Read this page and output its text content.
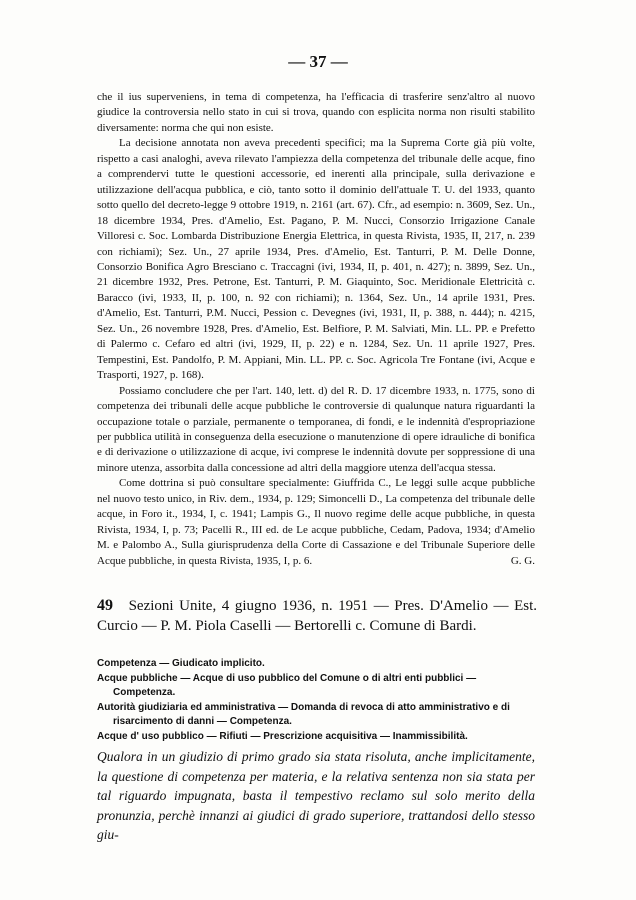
— 37 —

che il ius superveniens, in tema di competenza, ha l'efficacia di trasferire senz'altro al nuovo giudice la controversia nello stato in cui si trova, quando con esplicita norma non risulti stabilito diversamente: norma che qui non esiste.

La decisione annotata non aveva precedenti specifici; ma la Suprema Corte già più volte, rispetto a casi analoghi, aveva rilevato l'ampiezza della competenza del tribunale delle acque, fino a comprendervi tutte le questioni accessorie, ed inerenti alla principale, sulla derivazione e utilizzazione dell'acqua pubblica, e ciò, tanto sotto il dominio dell'attuale T. U. del 1933, quanto sotto quello del decreto-legge 9 ottobre 1919, n. 2161 (art. 67). Cfr., ad esempio: n. 3609, Sez. Un., 18 dicembre 1934, Pres. d'Amelio, Est. Pagano, P. M. Nucci, Consorzio Irrigazione Canale Villoresi c. Soc. Lombarda Distribuzione Energia Elettrica, in questa Rivista, 1935, II, 217, n. 239 con richiami); Sez. Un., 27 aprile 1934, Pres. d'Amelio, Est. Tanturri, P. M. Delle Donne, Consorzio Bonifica Agro Bresciano c. Traccagni (ivi, 1934, II, p. 401, n. 427); n. 3899, Sez. Un., 21 dicembre 1932, Pres. Petrone, Est. Tanturri, P. M. Giaquinto, Soc. Meridionale Elettricità c. Baracco (ivi, 1933, II, p. 100, n. 92 con richiami); n. 1364, Sez. Un., 14 aprile 1931, Pres. d'Amelio, Est. Tanturri, P.M. Nucci, Pession c. Devegnes (ivi, 1931, II, p. 388, n. 444); n. 4215, Sez. Un., 26 novembre 1928, Pres. d'Amelio, Est. Belfiore, P. M. Salviati, Min. LL. PP. e Prefetto di Palermo c. Cefaro ed altri (ivi, 1929, II, p. 22) e n. 1284, Sez. Un. 11 aprile 1927, Pres. Tempestini, Est. Pandolfo, P. M. Appiani, Min. LL. PP. c. Soc. Agricola Tre Fontane (ivi, Acque e Trasporti, 1927, p. 168).

Possiamo concludere che per l'art. 140, lett. d) del R. D. 17 dicembre 1933, n. 1775, sono di competenza dei tribunali delle acque pubbliche le controversie di qualunque natura riguardanti la occupazione totale o parziale, permanente o temporanea, di fondi, e le indennità d'espropriazione per pubblica utilità in conseguenza della esecuzione o manutenzione di opere idrauliche di bonifica e di derivazione o utilizzazione di acque, ivi comprese le indennità dovute per soppressione di una minore utenza, assorbita dalla concessione ad altri della maggiore utenza dell'acqua stessa.

Come dottrina si può consultare specialmente: Giuffrida C., Le leggi sulle acque pubbliche nel nuovo testo unico, in Riv. dem., 1934, p. 129; Simoncelli D., La competenza del tribunale delle acque, in Foro it., 1934, I, c. 1941; Lampis G., Il nuovo regime delle acque pubbliche, in questa Rivista, 1934, I, p. 73; Pacelli R., III ed. de Le acque pubbliche, Cedam, Padova, 1934; d'Amelio M. e Palombo A., Sulla giurisprudenza della Corte di Cassazione e del Tribunale Superiore delle Acque pubbliche, in questa Rivista, 1935, I, p. 6.	G. G.

49 Sezioni Unite, 4 giugno 1936, n. 1951 — Pres. D'Amelio — Est. Curcio — P. M. Piola Caselli — Bertorelli c. Comune di Bardi.

Competenza — Giudicato implicito.

Acque pubbliche — Acque di uso pubblico del Comune o di altri enti pubblici — Competenza.

Autorità giudiziaria ed amministrativa — Domanda di revoca di atto amministrativo e di risarcimento di danni — Competenza.

Acque d' uso pubblico — Rifiuti — Prescrizione acquisitiva — Inammissibilità.

Qualora in un giudizio di primo grado sia stata risoluta, anche implicitamente, la questione di competenza per materia, e la relativa sentenza non sia stata per tal riguardo impugnata, basta il tempestivo reclamo sul solo merito della pronunzia, perchè innanzi ai giudici di grado superiore, trattandosi dello stesso giu-
